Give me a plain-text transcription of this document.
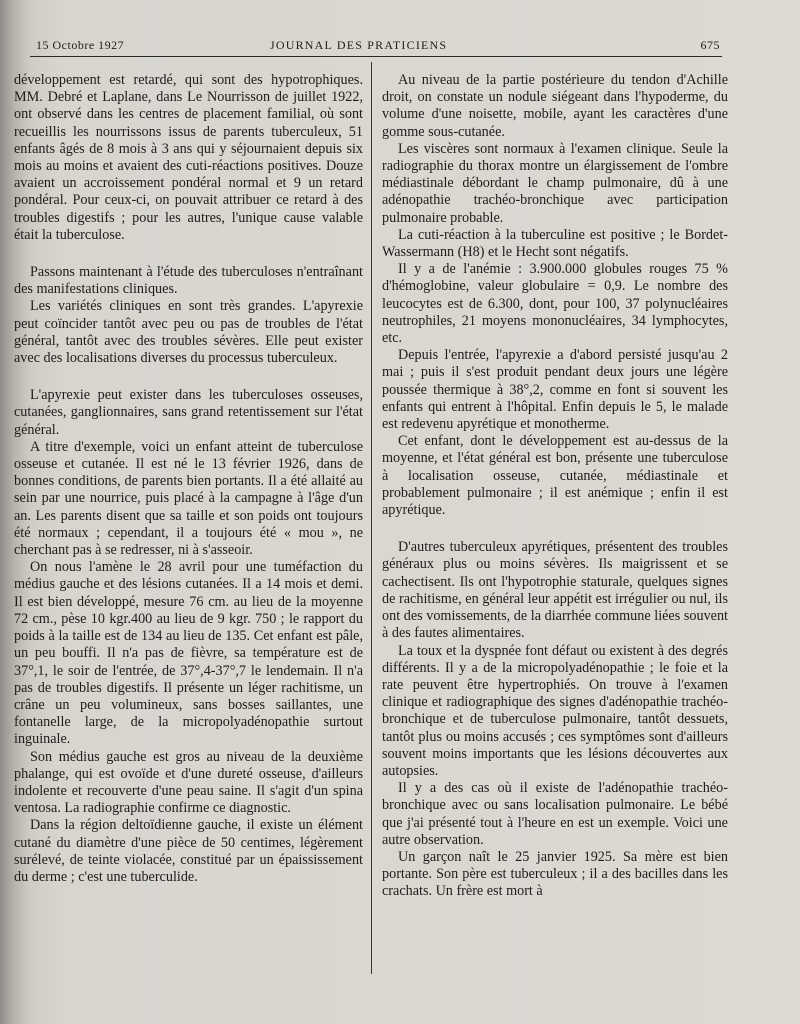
15 Octobre 1927	JOURNAL DES PRATICIENS	675

développement est retardé, qui sont des hypotrophiques. MM. Debré et Laplane, dans Le Nourrisson de juillet 1922, ont observé dans les centres de placement familial, où sont recueillis les nourrissons issus de parents tuberculeux, 51 enfants âgés de 8 mois à 3 ans qui y séjournaient depuis six mois au moins et avaient des cuti-réactions positives. Douze avaient un accroissement pondéral normal et 9 un retard pondéral. Pour ceux-ci, on pouvait attribuer ce retard à des troubles digestifs ; pour les autres, l'unique cause valable était la tuberculose.

Passons maintenant à l'étude des tuberculoses n'entraînant des manifestations cliniques.

Les variétés cliniques en sont très grandes. L'apyrexie peut coïncider tantôt avec peu ou pas de troubles de l'état général, tantôt avec des troubles sévères. Elle peut exister avec des localisations diverses du processus tuberculeux.

L'apyrexie peut exister dans les tuberculoses osseuses, cutanées, ganglionnaires, sans grand retentissement sur l'état général.

A titre d'exemple, voici un enfant atteint de tuberculose osseuse et cutanée. Il est né le 13 février 1926, dans de bonnes conditions, de parents bien portants. Il a été allaité au sein par une nourrice, puis placé à la campagne à l'âge d'un an. Les parents disent que sa taille et son poids ont toujours été normaux ; cependant, il a toujours été « mou », ne cherchant pas à se redresser, ni à s'asseoir.

On nous l'amène le 28 avril pour une tuméfaction du médius gauche et des lésions cutanées. Il a 14 mois et demi. Il est bien développé, mesure 76 cm. au lieu de la moyenne 72 cm., pèse 10 kgr.400 au lieu de 9 kgr. 750 ; le rapport du poids à la taille est de 134 au lieu de 135. Cet enfant est pâle, un peu bouffi. Il n'a pas de fièvre, sa température est de 37°,1, le soir de l'entrée, de 37°,4-37°,7 le lendemain. Il n'a pas de troubles digestifs. Il présente un léger rachitisme, un crâne un peu volumineux, sans bosses saillantes, une fontanelle large, de la micropolyadénopathie surtout inguinale.

Son médius gauche est gros au niveau de la deuxième phalange, qui est ovoïde et d'une dureté osseuse, d'ailleurs indolente et recouverte d'une peau saine. Il s'agit d'un spina ventosa. La radiographie confirme ce diagnostic.

Dans la région deltoïdienne gauche, il existe un élément cutané du diamètre d'une pièce de 50 centimes, légèrement surélevé, de teinte violacée, constitué par un épaississement du derme ; c'est une tuberculide.

Au niveau de la partie postérieure du tendon d'Achille droit, on constate un nodule siégeant dans l'hypoderme, du volume d'une noisette, mobile, ayant les caractères d'une gomme sous-cutanée.

Les viscères sont normaux à l'examen clinique. Seule la radiographie du thorax montre un élargissement de l'ombre médiastinale débordant le champ pulmonaire, dû à une adénopathie trachéo-bronchique avec participation pulmonaire probable.

La cuti-réaction à la tuberculine est positive ; le Bordet-Wassermann (H8) et le Hecht sont négatifs.

Il y a de l'anémie : 3.900.000 globules rouges 75 % d'hémoglobine, valeur globulaire = 0,9. Le nombre des leucocytes est de 6.300, dont, pour 100, 37 polynucléaires neutrophiles, 21 moyens mononucléaires, 34 lymphocytes, etc.

Depuis l'entrée, l'apyrexie a d'abord persisté jusqu'au 2 mai ; puis il s'est produit pendant deux jours une légère poussée thermique à 38°,2, comme en font si souvent les enfants qui entrent à l'hôpital. Enfin depuis le 5, le malade est redevenu apyrétique et monotherme.

Cet enfant, dont le développement est au-dessus de la moyenne, et l'état général est bon, présente une tuberculose à localisation osseuse, cutanée, médiastinale et probablement pulmonaire ; il est anémique ; enfin il est apyrétique.

D'autres tuberculeux apyrétiques, présentent des troubles généraux plus ou moins sévères. Ils maigrissent et se cachectisent. Ils ont l'hypotrophie staturale, quelques signes de rachitisme, en général leur appétit est irrégulier ou nul, ils ont des vomissements, de la diarrhée commune liées souvent à des fautes alimentaires.

La toux et la dyspnée font défaut ou existent à des degrés différents. Il y a de la micropolyadénopathie ; le foie et la rate peuvent être hypertrophiés. On trouve à l'examen clinique et radiographique des signes d'adénopathie trachéo-bronchique et de tuberculose pulmonaire, tantôt dessuets, tantôt plus ou moins accusés ; ces symptômes sont d'ailleurs souvent moins importants que les lésions découvertes aux autopsies.

Il y a des cas où il existe de l'adénopathie trachéo-bronchique avec ou sans localisation pulmonaire. Le bébé que j'ai présenté tout à l'heure en est un exemple. Voici une autre observation.

Un garçon naît le 25 janvier 1925. Sa mère est bien portante. Son père est tuberculeux ; il a des bacilles dans les crachats. Un frère est mort à
